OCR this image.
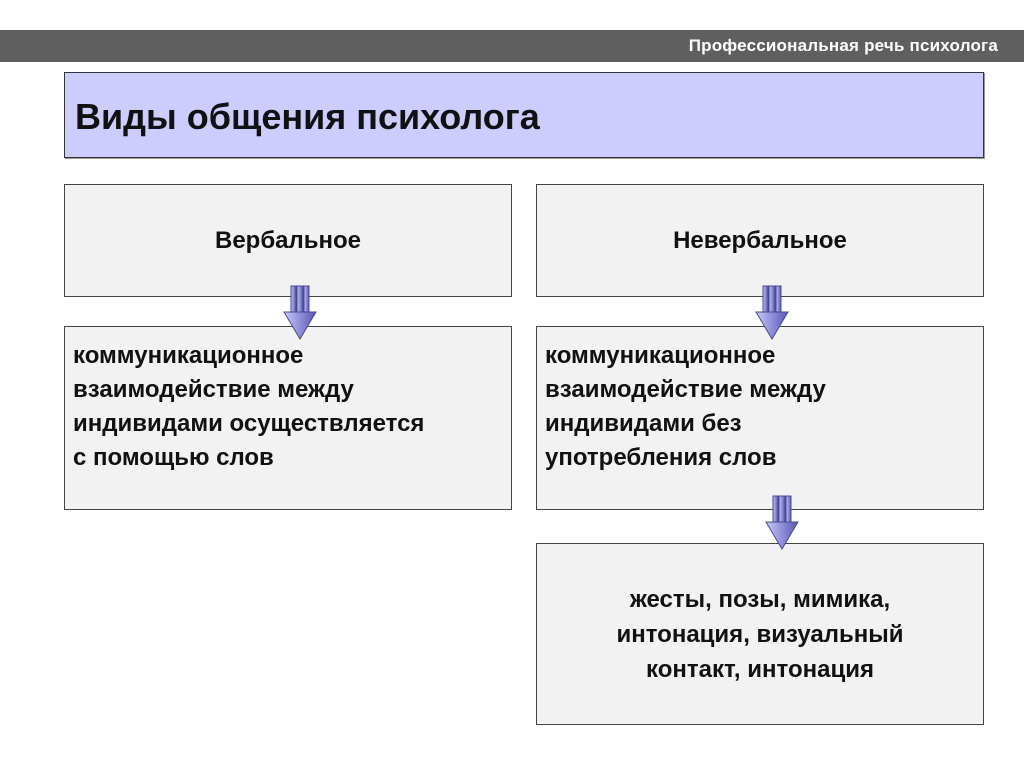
Профессиональная речь психолога
Виды общения психолога
Вербальное
коммуникационное
взаимодействие между
индивидами осуществляется
с помощью слов
Невербальное
коммуникационное
взаимодействие между
индивидами без
употребления слов
жесты, позы, мимика,
интонация, визуальный
контакт, интонация
